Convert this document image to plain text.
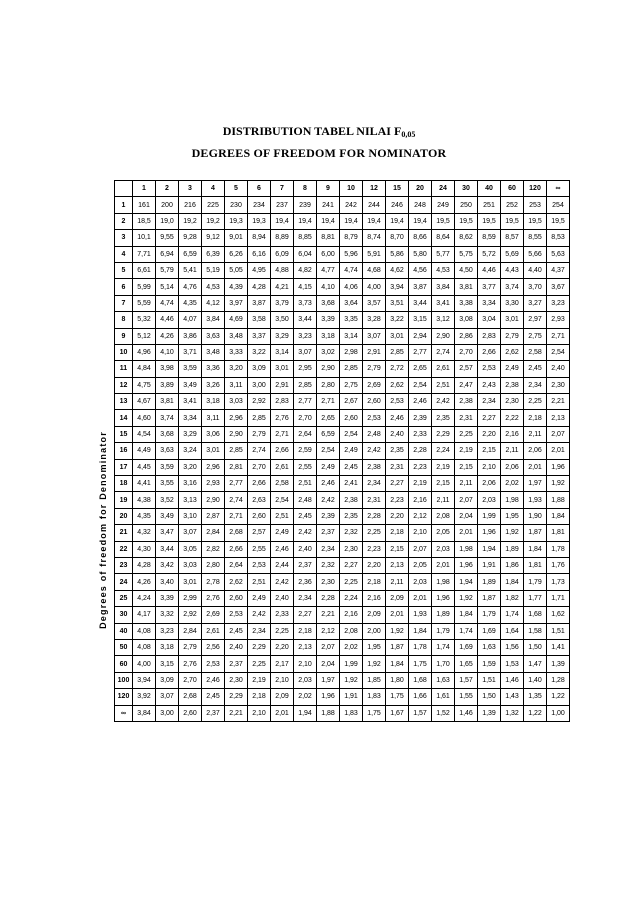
DISTRIBUTION TABEL NILAI $F_{0,05}$
DEGREES OF FREEDOM FOR NOMINATOR
Degrees of freedom for Denominator
	1	2	3	4	5	6	7	8	9	10	12	15	20	24	30	40	60	120	∞
1	161	200	216	225	230	234	237	239	241	242	244	246	248	249	250	251	252	253	254
2	18,5	19,0	19,2	19,2	19,3	19,3	19,4	19,4	19,4	19,4	19,4	19,4	19,4	19,5	19,5	19,5	19,5	19,5	19,5
3	10,1	9,55	9,28	9,12	9,01	8,94	8,89	8,85	8,81	8,79	8,74	8,70	8,66	8,64	8,62	8,59	8,57	8,55	8,53
4	7,71	6,94	6,59	6,39	6,26	6,16	6,09	6,04	6,00	5,96	5,91	5,86	5,80	5,77	5,75	5,72	5,69	5,66	5,63
5	6,61	5,79	5,41	5,19	5,05	4,95	4,88	4,82	4,77	4,74	4,68	4,62	4,56	4,53	4,50	4,46	4,43	4,40	4,37
6	5,99	5,14	4,76	4,53	4,39	4,28	4,21	4,15	4,10	4,06	4,00	3,94	3,87	3,84	3,81	3,77	3,74	3,70	3,67
7	5,59	4,74	4,35	4,12	3,97	3,87	3,79	3,73	3,68	3,64	3,57	3,51	3,44	3,41	3,38	3,34	3,30	3,27	3,23
8	5,32	4,46	4,07	3,84	4,69	3,58	3,50	3,44	3,39	3,35	3,28	3,22	3,15	3,12	3,08	3,04	3,01	2,97	2,93
9	5,12	4,26	3,86	3,63	3,48	3,37	3,29	3,23	3,18	3,14	3,07	3,01	2,94	2,90	2,86	2,83	2,79	2,75	2,71
10	4,96	4,10	3,71	3,48	3,33	3,22	3,14	3,07	3,02	2,98	2,91	2,85	2,77	2,74	2,70	2,66	2,62	2,58	2,54
11	4,84	3,98	3,59	3,36	3,20	3,09	3,01	2,95	2,90	2,85	2,79	2,72	2,65	2,61	2,57	2,53	2,49	2,45	2,40
12	4,75	3,89	3,49	3,26	3,11	3,00	2,91	2,85	2,80	2,75	2,69	2,62	2,54	2,51	2,47	2,43	2,38	2,34	2,30
13	4,67	3,81	3,41	3,18	3,03	2,92	2,83	2,77	2,71	2,67	2,60	2,53	2,46	2,42	2,38	2,34	2,30	2,25	2,21
14	4,60	3,74	3,34	3,11	2,96	2,85	2,76	2,70	2,65	2,60	2,53	2,46	2,39	2,35	2,31	2,27	2,22	2,18	2,13
15	4,54	3,68	3,29	3,06	2,90	2,79	2,71	2,64	6,59	2,54	2,48	2,40	2,33	2,29	2,25	2,20	2,16	2,11	2,07
16	4,49	3,63	3,24	3,01	2,85	2,74	2,66	2,59	2,54	2,49	2,42	2,35	2,28	2,24	2,19	2,15	2,11	2,06	2,01
17	4,45	3,59	3,20	2,96	2,81	2,70	2,61	2,55	2,49	2,45	2,38	2,31	2,23	2,19	2,15	2,10	2,06	2,01	1,96
18	4,41	3,55	3,16	2,93	2,77	2,66	2,58	2,51	2,46	2,41	2,34	2,27	2,19	2,15	2,11	2,06	2,02	1,97	1,92
19	4,38	3,52	3,13	2,90	2,74	2,63	2,54	2,48	2,42	2,38	2,31	2,23	2,16	2,11	2,07	2,03	1,98	1,93	1,88
20	4,35	3,49	3,10	2,87	2,71	2,60	2,51	2,45	2,39	2,35	2,28	2,20	2,12	2,08	2,04	1,99	1,95	1,90	1,84
21	4,32	3,47	3,07	2,84	2,68	2,57	2,49	2,42	2,37	2,32	2,25	2,18	2,10	2,05	2,01	1,96	1,92	1,87	1,81
22	4,30	3,44	3,05	2,82	2,66	2,55	2,46	2,40	2,34	2,30	2,23	2,15	2,07	2,03	1,98	1,94	1,89	1,84	1,78
23	4,28	3,42	3,03	2,80	2,64	2,53	2,44	2,37	2,32	2,27	2,20	2,13	2,05	2,01	1,96	1,91	1,86	1,81	1,76
24	4,26	3,40	3,01	2,78	2,62	2,51	2,42	2,36	2,30	2,25	2,18	2,11	2,03	1,98	1,94	1,89	1,84	1,79	1,73
25	4,24	3,39	2,99	2,76	2,60	2,49	2,40	2,34	2,28	2,24	2,16	2,09	2,01	1,96	1,92	1,87	1,82	1,77	1,71
30	4,17	3,32	2,92	2,69	2,53	2,42	2,33	2,27	2,21	2,16	2,09	2,01	1,93	1,89	1,84	1,79	1,74	1,68	1,62
40	4,08	3,23	2,84	2,61	2,45	2,34	2,25	2,18	2,12	2,08	2,00	1,92	1,84	1,79	1,74	1,69	1,64	1,58	1,51
50	4,08	3,18	2,79	2,56	2,40	2,29	2,20	2,13	2,07	2,02	1,95	1,87	1,78	1,74	1,69	1,63	1,56	1,50	1,41
60	4,00	3,15	2,76	2,53	2,37	2,25	2,17	2,10	2,04	1,99	1,92	1,84	1,75	1,70	1,65	1,59	1,53	1,47	1,39
100	3,94	3,09	2,70	2,46	2,30	2,19	2,10	2,03	1,97	1,92	1,85	1,80	1,68	1,63	1,57	1,51	1,46	1,40	1,28
120	3,92	3,07	2,68	2,45	2,29	2,18	2,09	2,02	1,96	1,91	1,83	1,75	1,66	1,61	1,55	1,50	1,43	1,35	1,22
∞	3,84	3,00	2,60	2,37	2,21	2,10	2,01	1,94	1,88	1,83	1,75	1,67	1,57	1,52	1,46	1,39	1,32	1,22	1,00
